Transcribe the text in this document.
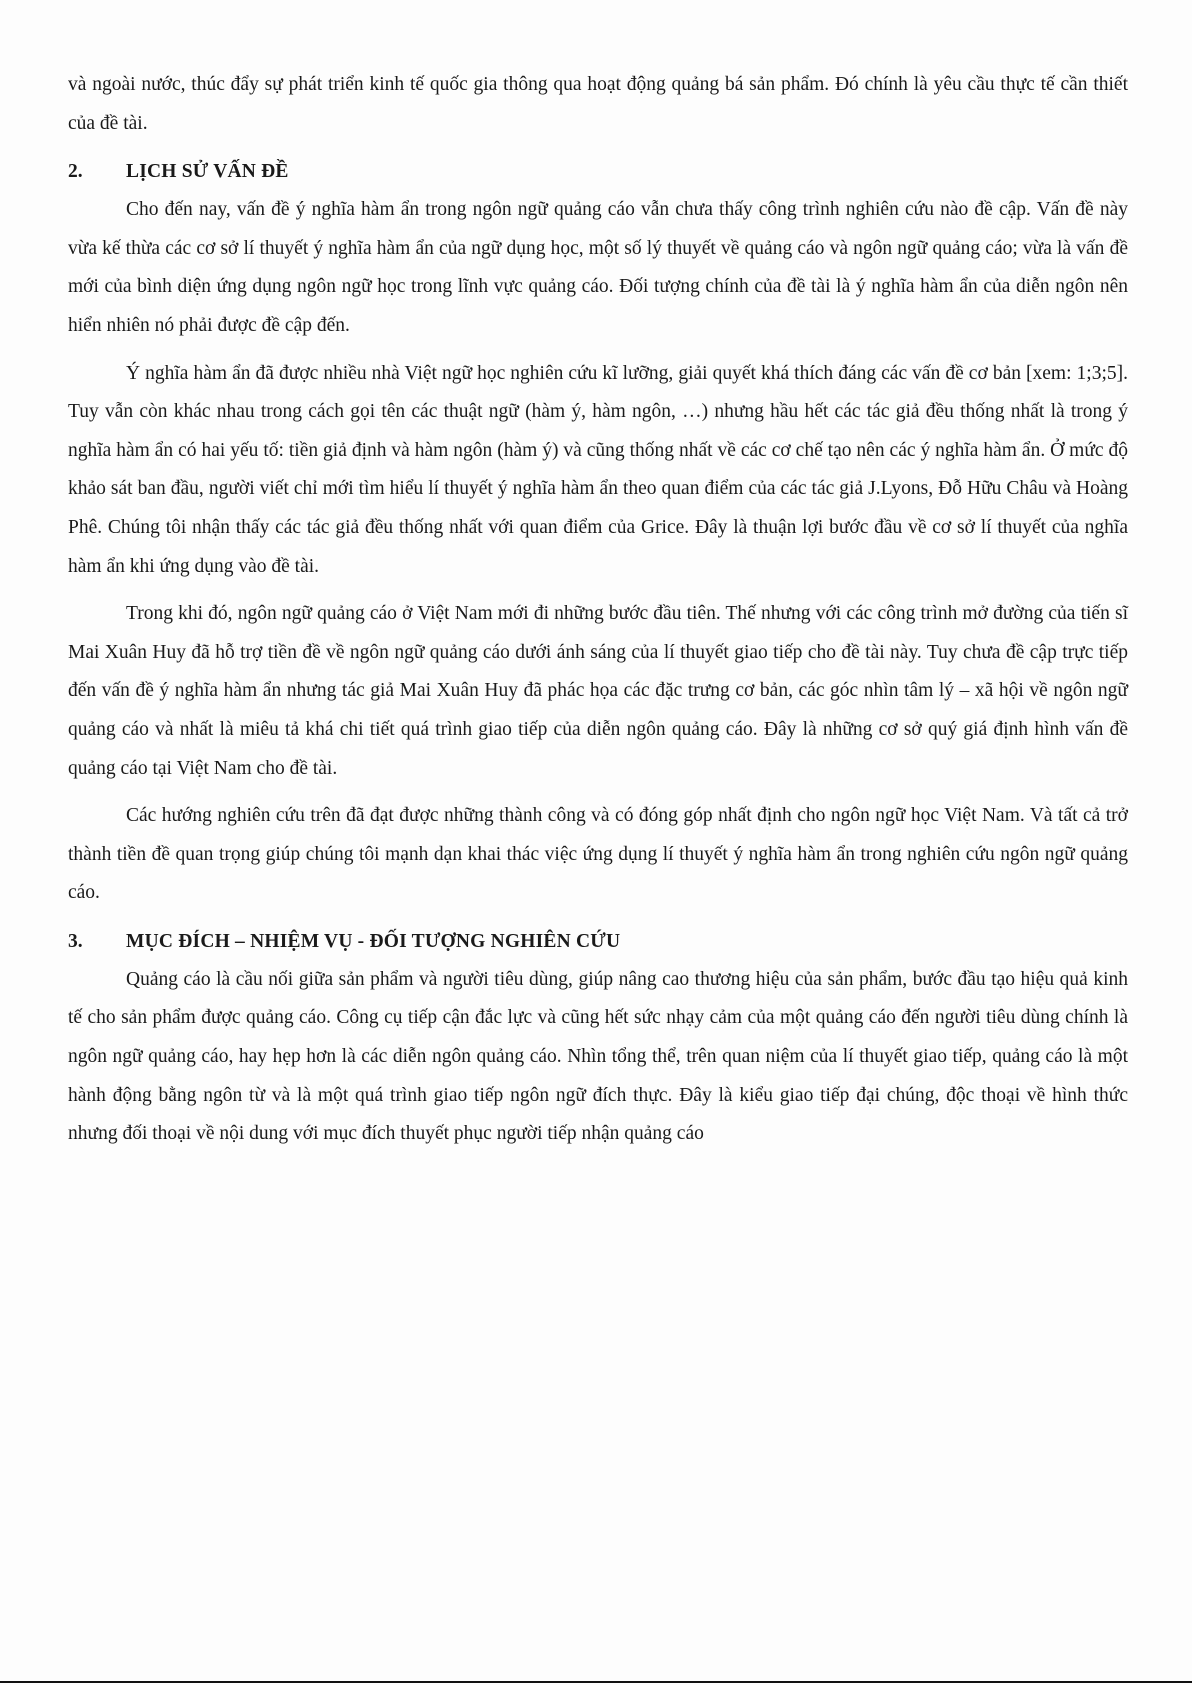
và ngoài nước, thúc đẩy sự phát triển kinh tế quốc gia thông qua hoạt động quảng bá sản phẩm. Đó chính là yêu cầu thực tế cần thiết của đề tài.

2.	LỊCH SỬ VẤN ĐỀ

Cho đến nay, vấn đề ý nghĩa hàm ẩn trong ngôn ngữ quảng cáo vẫn chưa thấy công trình nghiên cứu nào đề cập. Vấn đề này vừa kế thừa các cơ sở lí thuyết ý nghĩa hàm ẩn của ngữ dụng học, một số lý thuyết về quảng cáo và ngôn ngữ quảng cáo; vừa là vấn đề mới của bình diện ứng dụng ngôn ngữ học trong lĩnh vực quảng cáo. Đối tượng chính của đề tài là ý nghĩa hàm ẩn của diễn ngôn nên hiển nhiên nó phải được đề cập đến.

Ý nghĩa hàm ẩn đã được nhiều nhà Việt ngữ học nghiên cứu kĩ lưỡng, giải quyết khá thích đáng các vấn đề cơ bản [xem: 1;3;5]. Tuy vẫn còn khác nhau trong cách gọi tên các thuật ngữ (hàm ý, hàm ngôn, …) nhưng hầu hết các tác giả đều thống nhất là trong ý nghĩa hàm ẩn có hai yếu tố: tiền giả định và hàm ngôn (hàm ý) và cũng thống nhất về các cơ chế tạo nên các ý nghĩa hàm ẩn. Ở mức độ khảo sát ban đầu, người viết chỉ mới tìm hiểu lí thuyết ý nghĩa hàm ẩn theo quan điểm của các tác giả J.Lyons, Đỗ Hữu Châu và Hoàng Phê. Chúng tôi nhận thấy các tác giả đều thống nhất với quan điểm của Grice. Đây là thuận lợi bước đầu về cơ sở lí thuyết của nghĩa hàm ẩn khi ứng dụng vào đề tài.

Trong khi đó, ngôn ngữ quảng cáo ở Việt Nam mới đi những bước đầu tiên. Thế nhưng với các công trình mở đường của tiến sĩ Mai Xuân Huy đã hỗ trợ tiền đề về ngôn ngữ quảng cáo dưới ánh sáng của lí thuyết giao tiếp cho đề tài này. Tuy chưa đề cập trực tiếp đến vấn đề ý nghĩa hàm ẩn nhưng tác giả Mai Xuân Huy đã phác họa các đặc trưng cơ bản, các góc nhìn tâm lý – xã hội về ngôn ngữ quảng cáo và nhất là miêu tả khá chi tiết quá trình giao tiếp của diễn ngôn quảng cáo. Đây là những cơ sở quý giá định hình vấn đề quảng cáo tại Việt Nam cho đề tài.

Các hướng nghiên cứu trên đã đạt được những thành công và có đóng góp nhất định cho ngôn ngữ học Việt Nam. Và tất cả trở thành tiền đề quan trọng giúp chúng tôi mạnh dạn khai thác việc ứng dụng lí thuyết ý nghĩa hàm ẩn trong nghiên cứu ngôn ngữ quảng cáo.

3.	MỤC ĐÍCH – NHIỆM VỤ - ĐỐI TƯỢNG NGHIÊN CỨU

Quảng cáo là cầu nối giữa sản phẩm và người tiêu dùng, giúp nâng cao thương hiệu của sản phẩm, bước đầu tạo hiệu quả kinh tế cho sản phẩm được quảng cáo. Công cụ tiếp cận đắc lực và cũng hết sức nhạy cảm của một quảng cáo đến người tiêu dùng chính là ngôn ngữ quảng cáo, hay hẹp hơn là các diễn ngôn quảng cáo. Nhìn tổng thể, trên quan niệm của lí thuyết giao tiếp, quảng cáo là một hành động bằng ngôn từ và là một quá trình giao tiếp ngôn ngữ đích thực. Đây là kiểu giao tiếp đại chúng, độc thoại về hình thức nhưng đối thoại về nội dung với mục đích thuyết phục người tiếp nhận quảng cáo
